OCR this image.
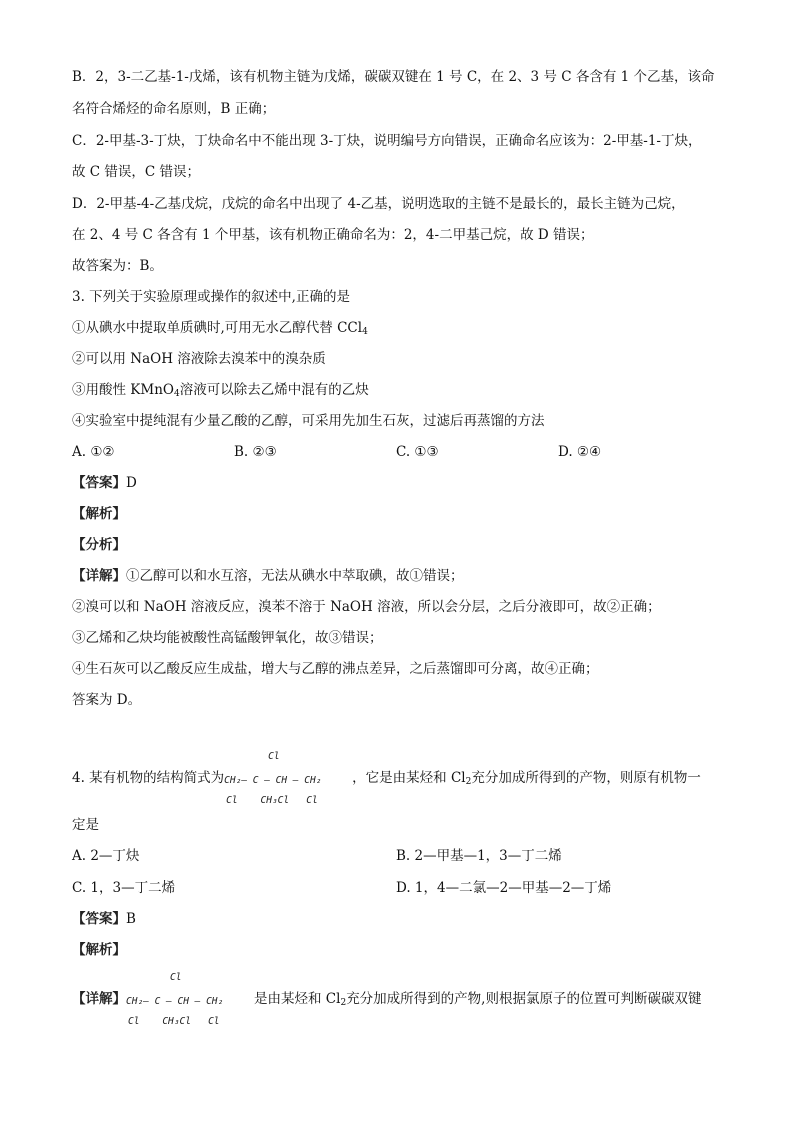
B．2，3-二乙基-1-戊烯，该有机物主链为戊烯，碳碳双键在 1 号 C，在 2、3 号 C 各含有 1 个乙基，该命
名符合烯烃的命名原则，B 正确；
C．2-甲基-3-丁炔，丁炔命名中不能出现 3-丁炔，说明编号方向错误，正确命名应该为：2-甲基-1-丁炔，
故 C 错误，C 错误；
D．2-甲基-4-乙基戊烷，戊烷的命名中出现了 4-乙基，说明选取的主链不是最长的，最长主链为己烷，
在 2、4 号 C 各含有 1 个甲基，该有机物正确命名为：2，4-二甲基己烷，故 D 错误；
故答案为：B。
3. 下列关于实验原理或操作的叙述中,正确的是
①从碘水中提取单质碘时,可用无水乙醇代替 CCl$_4$
②可以用 NaOH 溶液除去溴苯中的溴杂质
③用酸性 KMnO$_4$溶液可以除去乙烯中混有的乙炔
④实验室中提纯混有少量乙酸的乙醇，可采用先加生石灰，过滤后再蒸馏的方法
A. ①②	B. ②③	C. ①③	D. ②④
【答案】D
【解析】
【分析】
【详解】①乙醇可以和水互溶，无法从碘水中萃取碘，故①错误；
②溴可以和 NaOH 溶液反应，溴苯不溶于 NaOH 溶液，所以会分层，之后分液即可，故②正确；
③乙烯和乙炔均能被酸性高锰酸钾氧化，故③错误；
④生石灰可以乙酸反应生成盐，增大与乙醇的沸点差异，之后蒸馏即可分离，故④正确；
答案为 D。
4. 某有机物的结构简式为
Cl
CH₂– C – CH – CH₂
Cl    CH₃Cl   Cl
，它是由某烃和 $Cl_2$充分加成所得到的产物，则原有机物一
定是
A. 2—丁炔	B. 2—甲基—1，3—丁二烯
C. 1，3—丁二烯	D. 1，4—二氯—2—甲基—2—丁烯
【答案】B
【解析】
【详解】
Cl
CH₂– C – CH – CH₂
Cl    CH₃Cl   Cl
是由某烃和 $Cl_2$充分加成所得到的产物,则根据氯原子的位置可判断碳碳双键
